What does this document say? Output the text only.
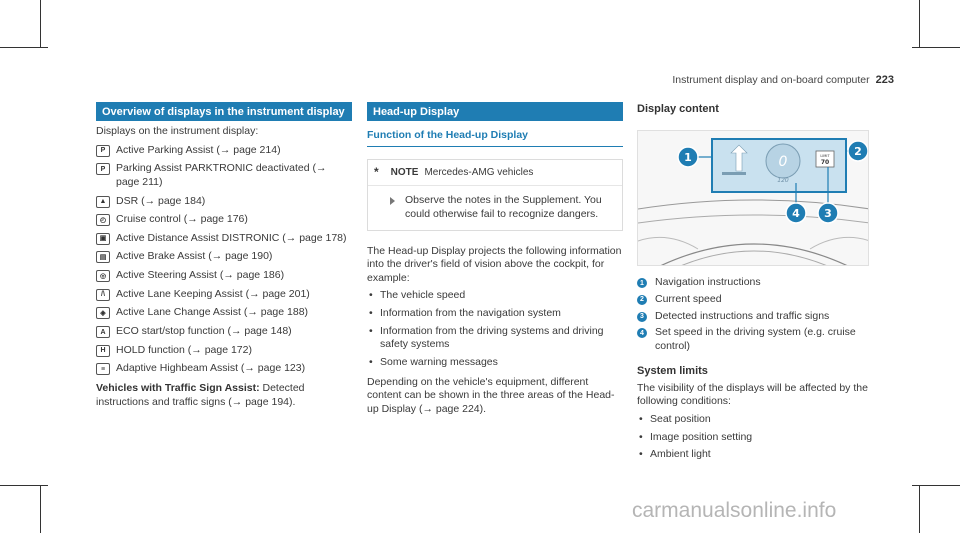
Instrument display and on-board computer 223
Overview of displays in the instrument display
Displays on the instrument display:
P	Active Parking Assist (→ page 214)
P	Parking Assist PARKTRONIC deactivated (→ page 211)
▲ DSR (→ page 184)
◴ Cruise control (→ page 176)
▣ Active Distance Assist DISTRONIC (→ page 178)
▤ Active Brake Assist (→ page 190)
◎ Active Steering Assist (→ page 186)
/\	Active Lane Keeping Assist (→ page 201)
◈ Active Lane Change Assist (→ page 188)
A ECO start/stop function (→ page 148)
H HOLD function (→ page 172)
≡	Adaptive Highbeam Assist (→ page 123)
Vehicles with Traffic Sign Assist: Detected instructions and traffic signs (→ page 194).
Head-up Display
Function of the Head-up Display
* NOTE Mercedes-AMG vehicles
Observe the notes in the Supplement. You could otherwise fail to recognize dangers.
The Head-up Display projects the following information into the driver's field of vision above the cockpit, for example:
• The vehicle speed
• Information from the navigation system
• Information from the driving systems and driving safety systems
• Some warning messages
Depending on the vehicle's equipment, different content can be shown in the three areas of the Head-up Display (→ page 224).
Display content
0
120
LIMIT
70
1	2
3
4
1 Navigation instructions
2 Current speed
3 Detected instructions and traffic signs
4 Set speed in the driving system (e.g. cruise control)
System limits
The visibility of the displays will be affected by the following conditions:
• Seat position
• Image position setting
• Ambient light
carmanualsonline.info
